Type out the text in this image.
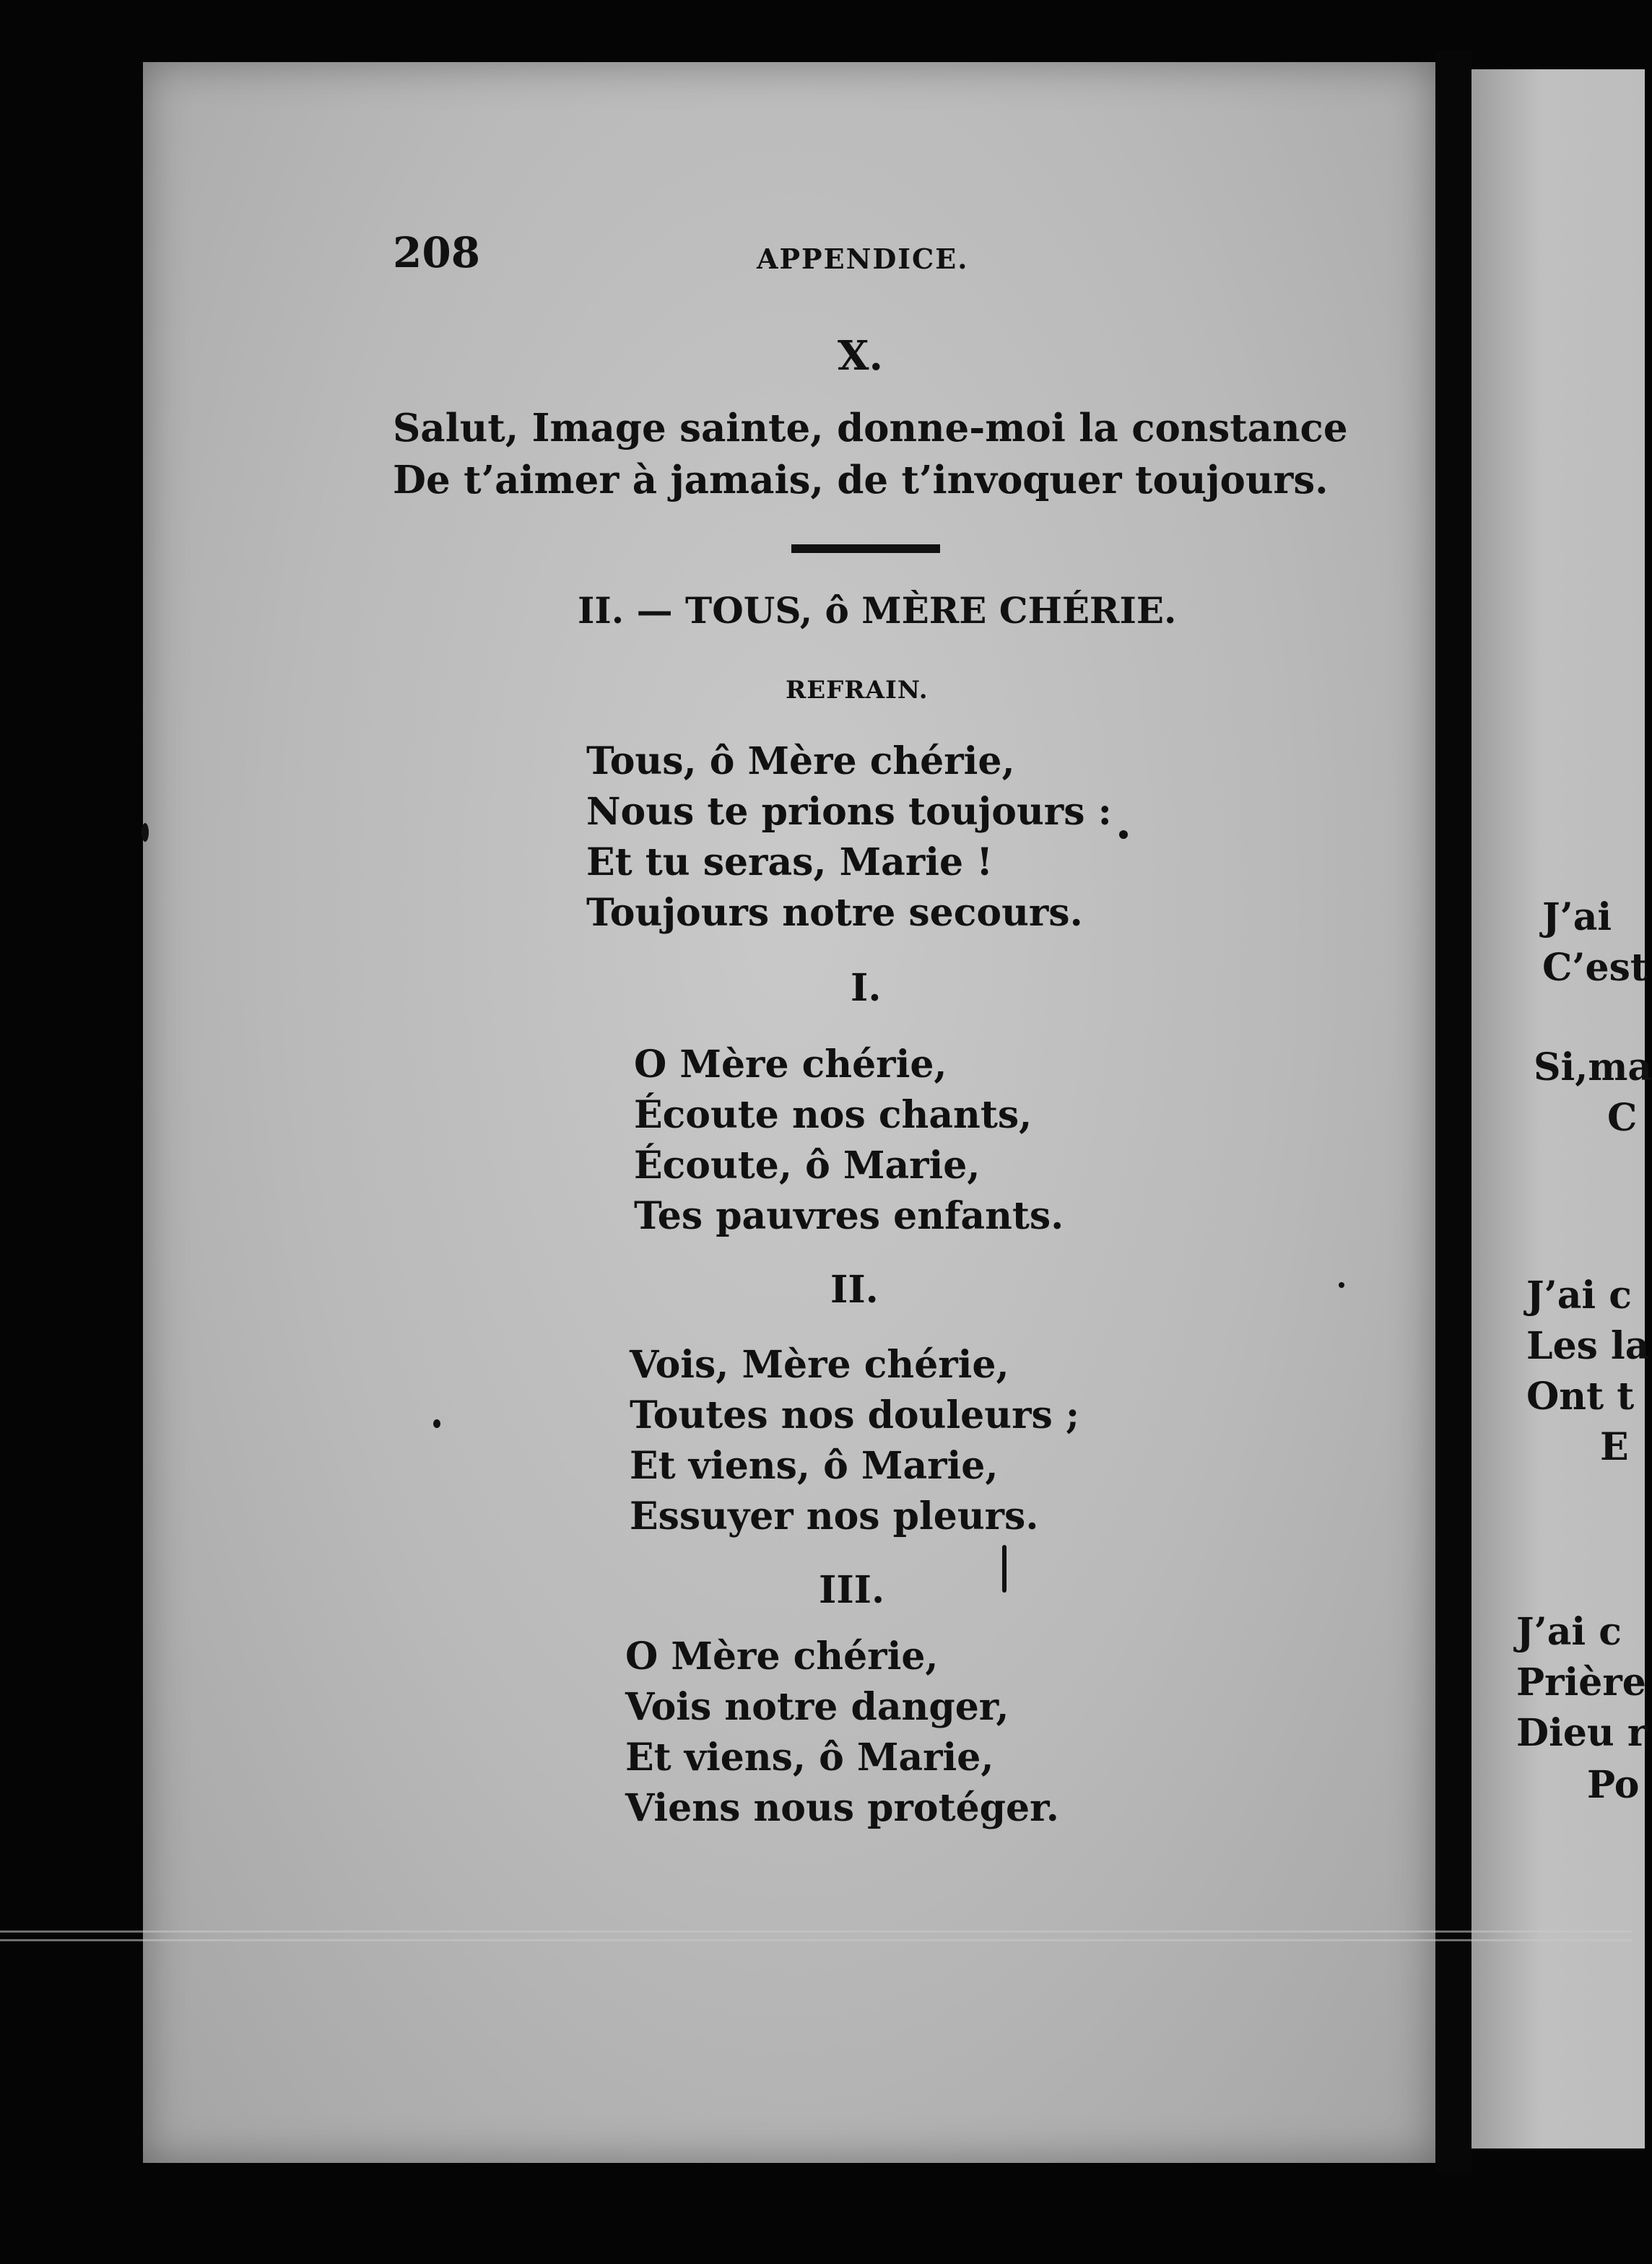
208	APPENDICE.
X.
Salut, Image sainte, donne-moi la constance
De t’aimer à jamais, de t’invoquer toujours.
II. — TOUS, ô MÈRE CHÉRIE.
REFRAIN.
Tous, ô Mère chérie,
Nous te prions toujours :
Et tu seras, Marie !
Toujours notre secours.
I.
O Mère chérie,
Écoute nos chants,
Écoute, ô Marie,
Tes pauvres enfants.
II.
Vois, Mère chérie,
Toutes nos douleurs ;
Et viens, ô Marie,
Essuyer nos pleurs.
III.
O Mère chérie,
Vois notre danger,
Et viens, ô Marie,
Viens nous protéger.
J’ai
C’est
Si,ma
C
J’ai c
Les la
Ont t
E
J’ai c
Prière
Dieu r
Po
